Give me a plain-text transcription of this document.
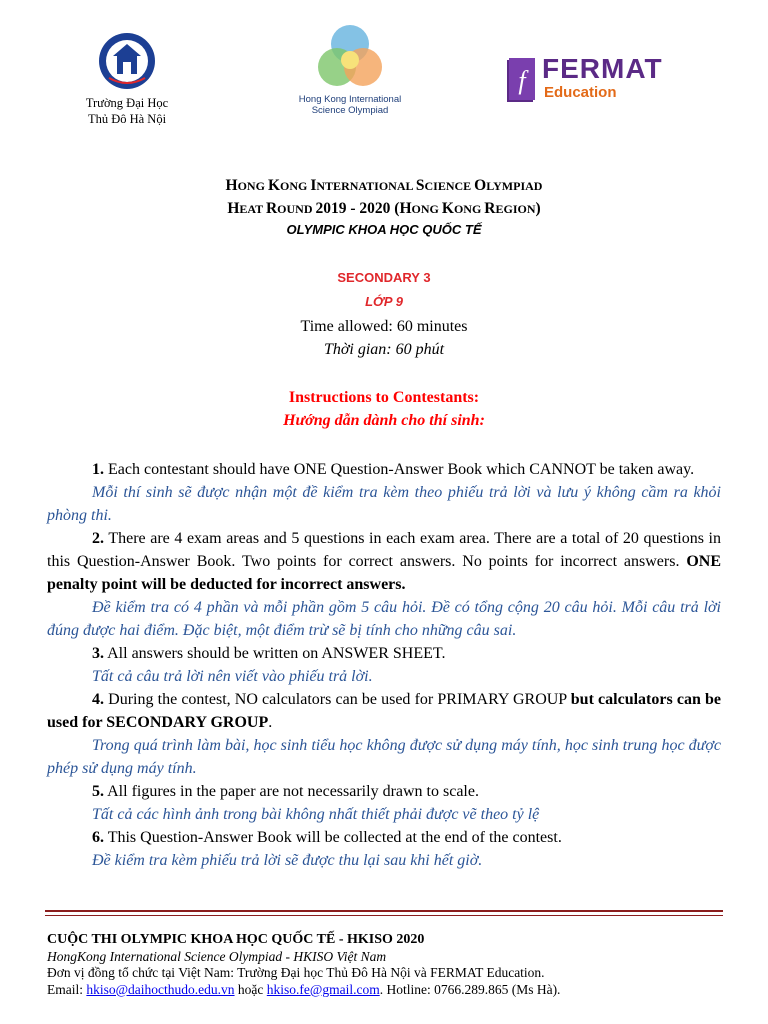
Trường Đại Học
Thủ Đô Hà Nội
Hong Kong International
Science Olympiad
f FERMAT
Education
HONG KONG INTERNATIONAL SCIENCE OLYMPIAD
HEAT ROUND 2019 - 2020 (HONG KONG REGION)
OLYMPIC KHOA HỌC QUỐC TẾ
SECONDARY 3
LỚP 9
Time allowed: 60 minutes
Thời gian: 60 phút
Instructions to Contestants:
Hướng dẫn dành cho thí sinh:
1. Each contestant should have ONE Question-Answer Book which CANNOT be taken away.
Mỗi thí sinh sẽ được nhận một đề kiểm tra kèm theo phiếu trả lời và lưu ý không cầm ra khỏi phòng thi.
2. There are 4 exam areas and 5 questions in each exam area. There are a total of 20 questions in this Question-Answer Book. Two points for correct answers. No points for incorrect answers. ONE penalty point will be deducted for incorrect answers.
Đề kiểm tra có 4 phần và mỗi phần gồm 5 câu hỏi. Đề có tổng cộng 20 câu hỏi. Mỗi câu trả lời đúng được hai điểm. Đặc biệt, một điểm trừ sẽ bị tính cho những câu sai.
3. All answers should be written on ANSWER SHEET.
Tất cả câu trả lời nên viết vào phiếu trả lời.
4. During the contest, NO calculators can be used for PRIMARY GROUP but calculators can be used for SECONDARY GROUP.
Trong quá trình làm bài, học sinh tiểu học không được sử dụng máy tính, học sinh trung học được phép sử dụng máy tính.
5. All figures in the paper are not necessarily drawn to scale.
Tất cả các hình ảnh trong bài không nhất thiết phải được vẽ theo tỷ lệ
6. This Question-Answer Book will be collected at the end of the contest.
Đề kiểm tra kèm phiếu trả lời sẽ được thu lại sau khi hết giờ.
CUỘC THI OLYMPIC KHOA HỌC QUỐC TẾ - HKISO 2020
HongKong International Science Olympiad - HKISO Việt Nam
Đơn vị đồng tổ chức tại Việt Nam: Trường Đại học Thủ Đô Hà Nội và FERMAT Education.
Email: hkiso@daihocthudo.edu.vn hoặc hkiso.fe@gmail.com. Hotline: 0766.289.865 (Ms Hà).
